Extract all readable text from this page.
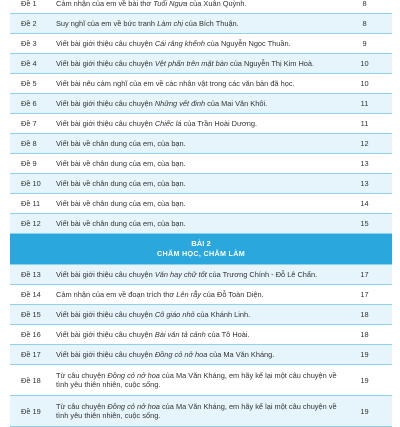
Đề 1	Cảm nhận của em về bài thơ Tuổi Ngựa của Xuân Quỳnh.	8
Đề 2	Suy nghĩ của em về bức tranh Làm chị của Bích Thuận.	8
Đề 3	Viết bài giới thiệu câu chuyện Cái răng khểnh của Nguyễn Ngọc Thuần.	9
Đề 4	Viết bài giới thiệu câu chuyện Vệt phấn trên mặt bàn của Nguyễn Thị Kim Hoà.	10
Đề 5	Viết bài nêu cảm nghĩ của em về các nhân vật trong các văn bản đã học.	10
Đề 6	Viết bài giới thiệu câu chuyện Những vết đinh của Mai Văn Khôi.	11
Đề 7	Viết bài giới thiệu câu chuyện Chiếc lá của Trần Hoài Dương.	11
Đề 8	Viết bài về chân dung của em, của bạn.	12
Đề 9	Viết bài về chân dung của em, của bạn.	13
Đề 10	Viết bài về chân dung của em, của bạn.	13
Đề 11	Viết bài về chân dung của em, của bạn.	14
Đề 12	Viết bài về chân dung của em, của bạn.	15

BÀI 2
CHĂM HỌC, CHĂM LÀM		

Đề 13	Viết bài giới thiệu câu chuyện Văn hay chữ tốt của Trương Chính - Đỗ Lê Chẩn.	17
Đề 14	Cảm nhận của em về đoạn trích thơ Lên rẫy của Đỗ Toàn Diện.	17
Đề 15	Viết bài giới thiệu câu chuyện Cô giáo nhỏ của Khánh Linh.	18
Đề 16	Viết bài giới thiệu câu chuyện Bài văn tả cảnh của Tô Hoài.	18
Đề 17	Viết bài giới thiệu câu chuyện Đồng cỏ nở hoa của Ma Văn Kháng.	19
Đề 18	Từ câu chuyện Đồng cỏ nở hoa của Ma Văn Kháng, em hãy kể lại một câu chuyện về tình yêu thiên nhiên, cuộc sống.	19
Đề 19	Từ câu chuyện Đồng cỏ nở hoa của Ma Văn Kháng, em hãy kể lại một câu chuyện về tình yêu thiên nhiên, cuộc sống.	19
